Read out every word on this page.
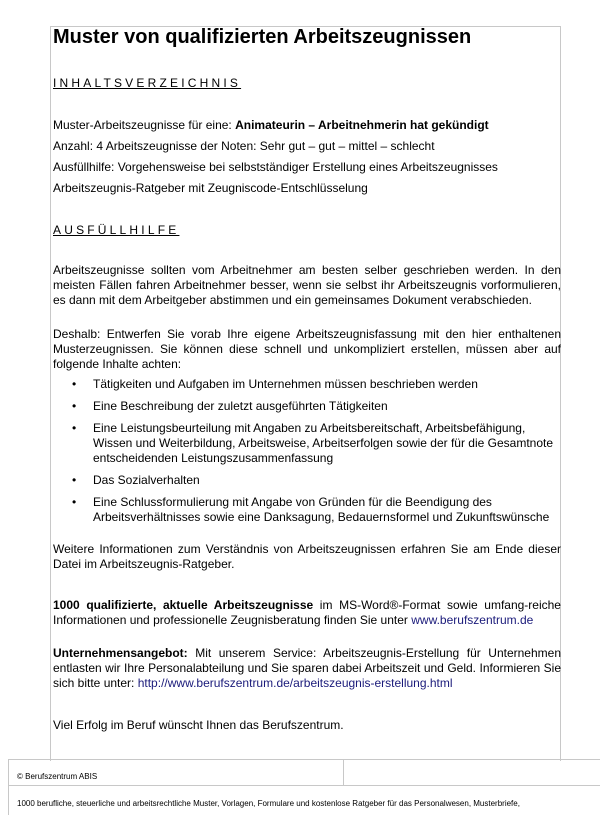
Muster von qualifizierten Arbeitszeugnissen
INHALTSVERZEICHNIS
Muster-Arbeitszeugnisse für eine: Animateurin – Arbeitnehmerin hat gekündigt
Anzahl: 4 Arbeitszeugnisse der Noten: Sehr gut – gut – mittel – schlecht
Ausfüllhilfe: Vorgehensweise bei selbstständiger Erstellung eines Arbeitszeugnisses
Arbeitszeugnis-Ratgeber mit Zeugniscode-Entschlüsselung
AUSFÜLLHILFE
Arbeitszeugnisse sollten vom Arbeitnehmer am besten selber geschrieben werden. In den meisten Fällen fahren Arbeitnehmer besser, wenn sie selbst ihr Arbeitszeugnis vorformulieren, es dann mit dem Arbeitgeber abstimmen und ein gemeinsames Dokument verabschieden.
Deshalb: Entwerfen Sie vorab Ihre eigene Arbeitszeugnisfassung mit den hier enthaltenen Musterzeugnissen. Sie können diese schnell und unkompliziert erstellen, müssen aber auf folgende Inhalte achten:
• Tätigkeiten und Aufgaben im Unternehmen müssen beschrieben werden
• Eine Beschreibung der zuletzt ausgeführten Tätigkeiten
• Eine Leistungsbeurteilung mit Angaben zu Arbeitsbereitschaft, Arbeitsbefähigung, Wissen und Weiterbildung, Arbeitsweise, Arbeitserfolgen sowie der für die Gesamtnote entscheidenden Leistungszusammenfassung
• Das Sozialverhalten
• Eine Schlussformulierung mit Angabe von Gründen für die Beendigung des Arbeitsverhältnisses sowie eine Danksagung, Bedauernsformel und Zukunftswünsche
Weitere Informationen zum Verständnis von Arbeitszeugnissen erfahren Sie am Ende dieser Datei im Arbeitszeugnis-Ratgeber.
1000 qualifizierte, aktuelle Arbeitszeugnisse im MS-Word®-Format sowie umfang-reiche Informationen und professionelle Zeugnisberatung finden Sie unter www.berufszentrum.de
Unternehmensangebot: Mit unserem Service: Arbeitszeugnis-Erstellung für Unternehmen entlasten wir Ihre Personalabteilung und Sie sparen dabei Arbeitszeit und Geld. Informieren Sie sich bitte unter: http://www.berufszentrum.de/arbeitszeugnis-erstellung.html
Viel Erfolg im Beruf wünscht Ihnen das Berufszentrum.
© Berufszentrum ABIS
1000 berufliche, steuerliche und arbeitsrechtliche Muster, Vorlagen, Formulare und kostenlose Ratgeber für das Personalwesen, Musterbriefe,
